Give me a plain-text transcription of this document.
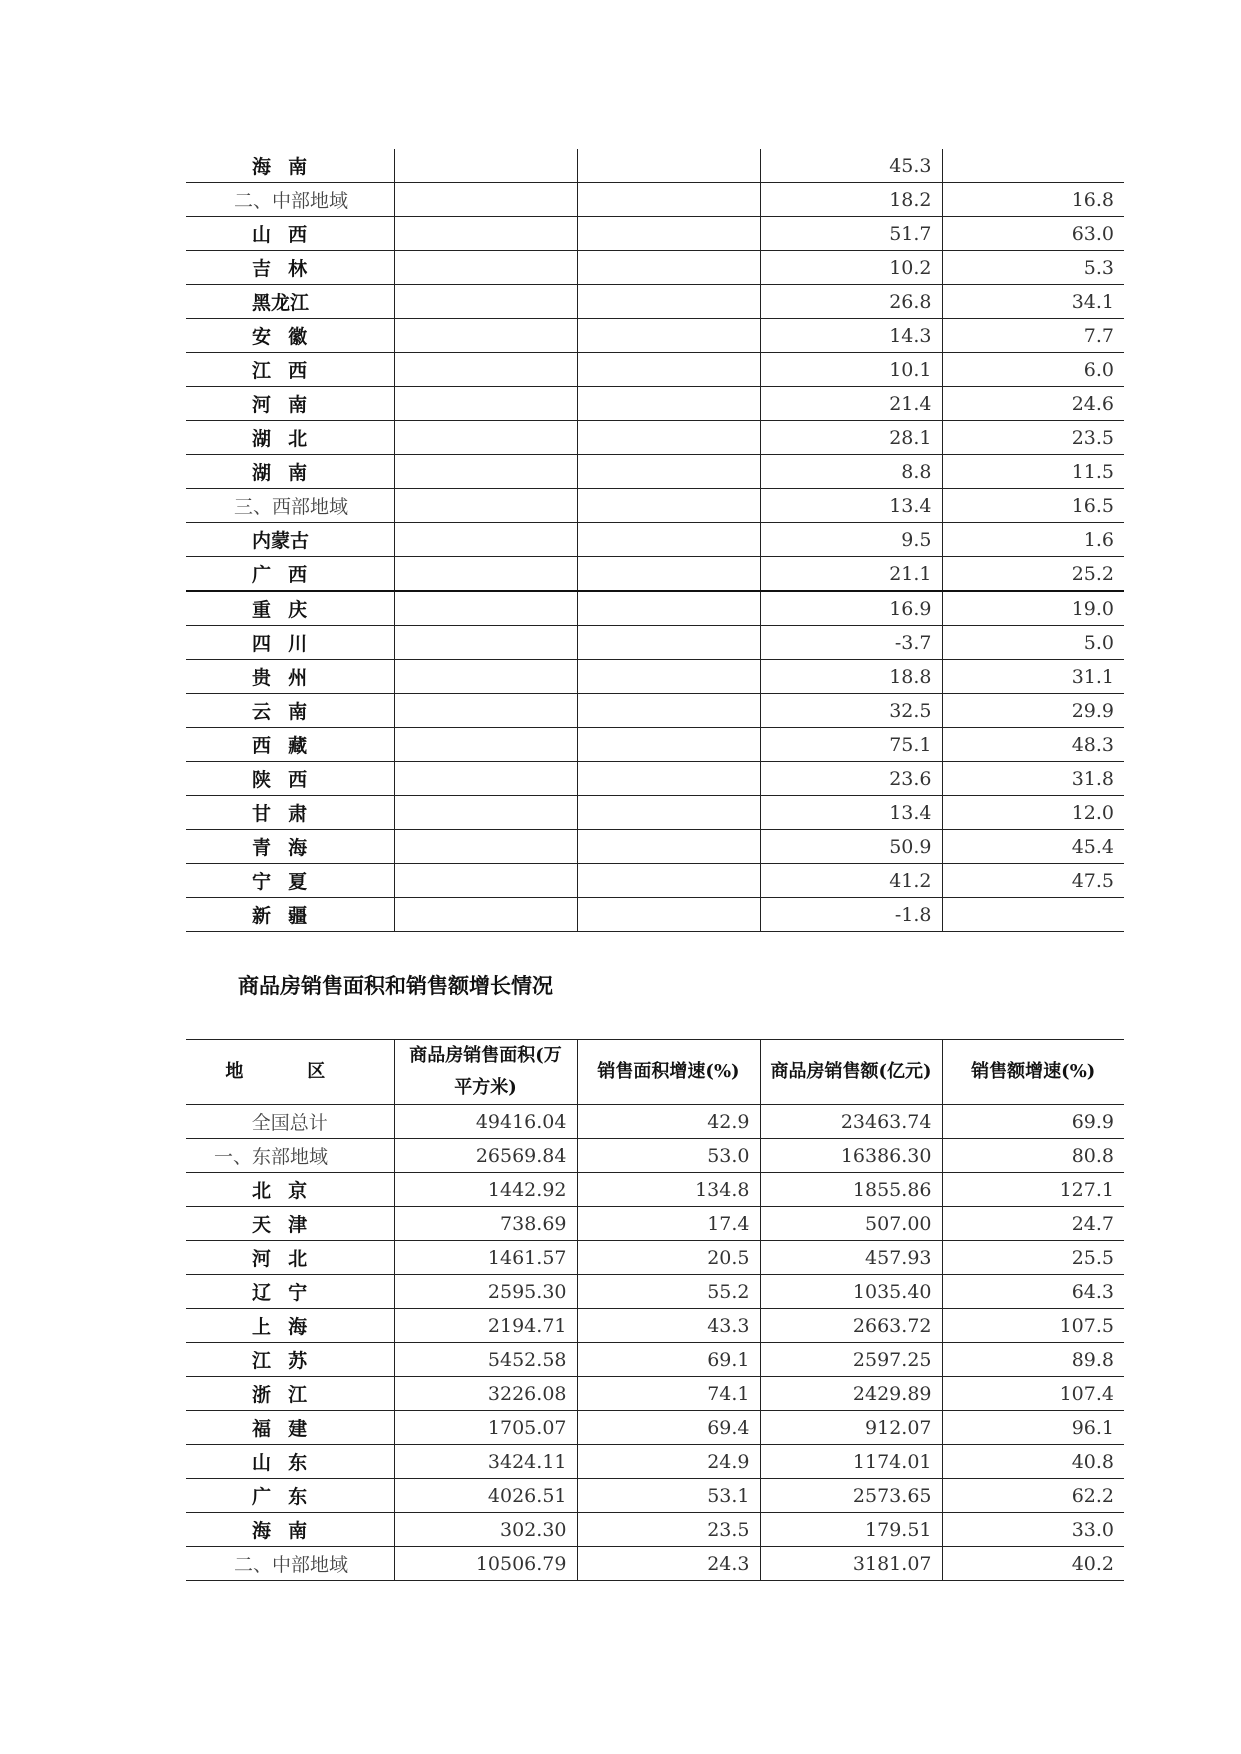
海南			45.3	
二、中部地域			18.2	16.8
山西			51.7	63.0
吉林			10.2	5.3
黑龙江			26.8	34.1
安徽			14.3	7.7
江西			10.1	6.0
河南			21.4	24.6
湖北			28.1	23.5
湖南			8.8	11.5
三、西部地域			13.4	16.5
内蒙古			9.5	1.6
广西			21.1	25.2
重庆			16.9	19.0
四川			-3.7	5.0
贵州			18.8	31.1
云南			32.5	29.9
西藏			75.1	48.3
陕西			23.6	31.8
甘肃			13.4	12.0
青海			50.9	45.4
宁夏			41.2	47.5
新疆			-1.8	
商品房销售面积和销售额增长情况
地 区	商品房销售面积(万平方米)	销售面积增速(%)	商品房销售额(亿元)	销售额增速(%)
全国总计	49416.04	42.9	23463.74	69.9
一、东部地域	26569.84	53.0	16386.30	80.8
北京	1442.92	134.8	1855.86	127.1
天津	738.69	17.4	507.00	24.7
河北	1461.57	20.5	457.93	25.5
辽宁	2595.30	55.2	1035.40	64.3
上海	2194.71	43.3	2663.72	107.5
江苏	5452.58	69.1	2597.25	89.8
浙江	3226.08	74.1	2429.89	107.4
福建	1705.07	69.4	912.07	96.1
山东	3424.11	24.9	1174.01	40.8
广东	4026.51	53.1	2573.65	62.2
海南	302.30	23.5	179.51	33.0
二、中部地域	10506.79	24.3	3181.07	40.2
